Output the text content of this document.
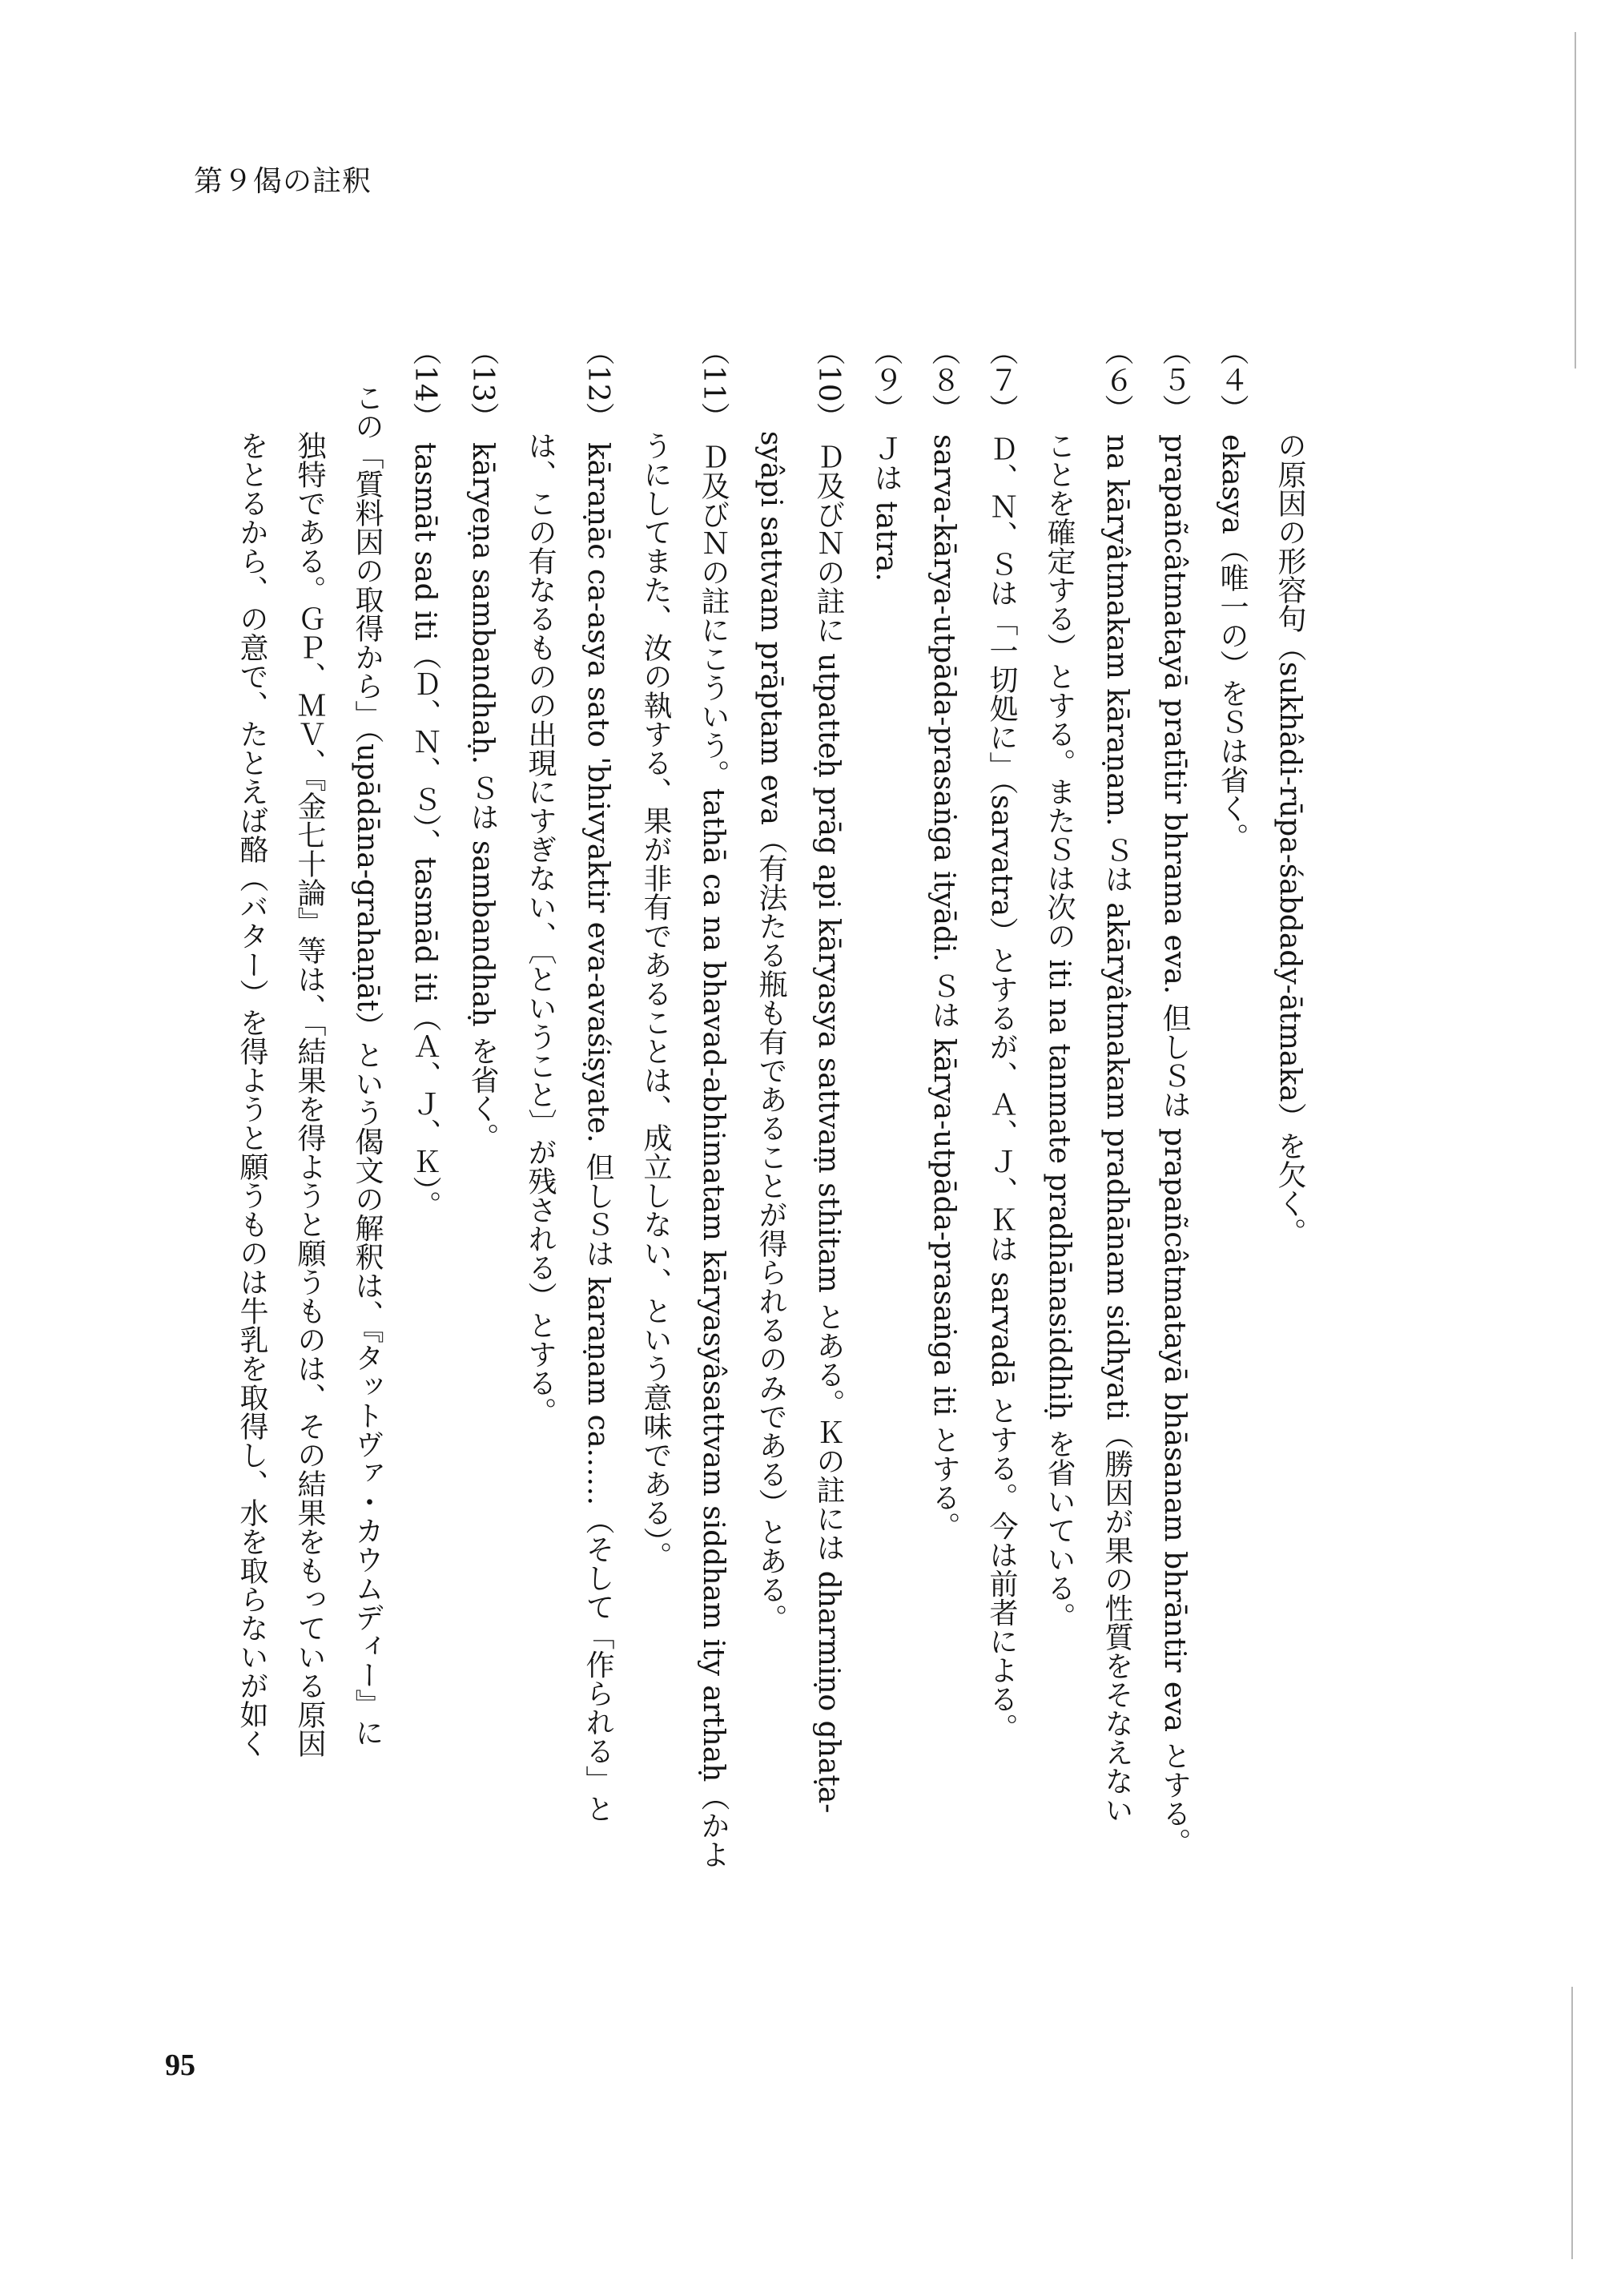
第９偈の註釈
の原因の形容句（sukhâdi-rūpa-śabdady-ātmaka）を欠く。
（４）ekasya（唯一の）をＳは省く。
（５）prapañcâtmatayā pratītir bhrama eva. 但しＳは prapañcâtmatayā bhāsanam bhrāntir eva とする。
（６）na kāryâtmakam kāraṇam. Ｓは akāryâtmakam pradhānam sidhyati（勝因が果の性質をそなえない
ことを確定する）とする。またＳは次の iti na tanmate pradhānasiddhiḥ を省いている。
（７）Ｄ、Ｎ、Ｓは「一切処に」（sarvatra）とするが、Ａ、Ｊ、Ｋは sarvadā とする。今は前者による。
（８）sarva-kārya-utpāda-prasaṅga ityādi. Ｓは kārya-utpāda-prasaṅga iti とする。
（９）Ｊは tatra.
（10）Ｄ及びＮの註に utpatteḥ prāg api kāryasya sattvaṃ sthitam とある。Ｋの註には dharmiṇo ghaṭa-
syâpi sattvam prāptam eva（有法たる瓶も有であることが得られるのみである）とある。
（11）Ｄ及びＮの註にこういう。tathā ca na bhavad-abhimatam kāryasyâsattvam siddham ity arthaḥ（かよ
うにしてまた、汝の執する、果が非有であることは、成立しない、という意味である）。
（12）kāraṇāc ca-asya sato 'bhivyaktir eva-avaśiṣyate. 但しＳは karaṇam ca……（そして「作られる」と
は、この有なるものの出現にすぎない、〔ということ〕が残される）とする。
（13）kāryeṇa sambandhaḥ. Ｓは sambandhaḥ を省く。
（14）tasmāt sad iti（Ｄ、Ｎ、Ｓ）、tasmād iti（Ａ、Ｊ、Ｋ）。
この「質料因の取得から」（upādāna-grahaṇāt）という偈文の解釈は、『タットヴァ・カウムディー』に
独特である。ＧＰ、ＭＶ、『金七十論』等は、「結果を得ようと願うものは、その結果をもっている原因
をとるから、の意で、たとえば酪（バター）を得ようと願うものは牛乳を取得し、水を取らないが如く
95
